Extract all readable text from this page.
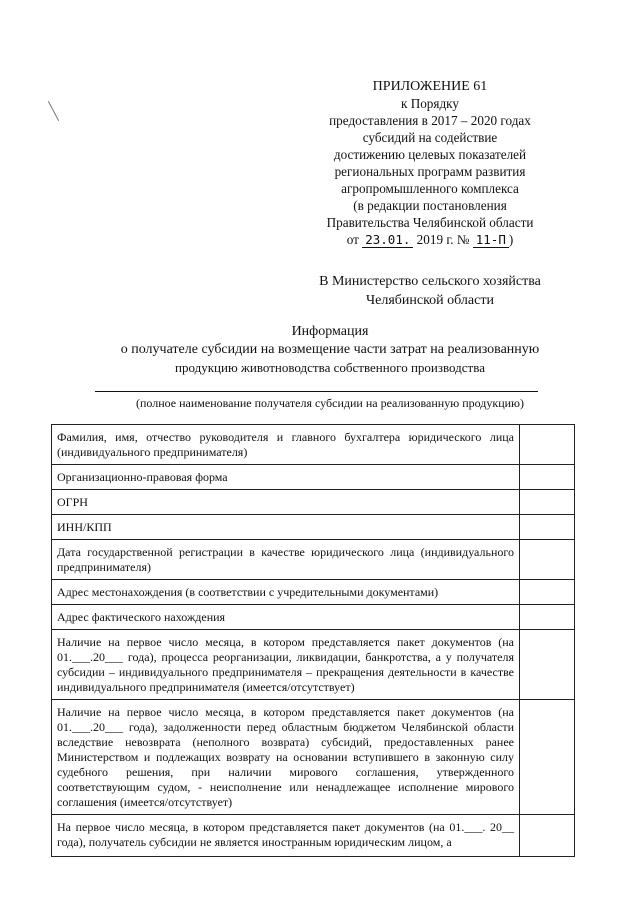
ПРИЛОЖЕНИЕ 61
к Порядку
предоставления в 2017 – 2020 годах
субсидий на содействие
достижению целевых показателей
региональных программ развития
агропромышленного комплекса
(в редакции постановления
Правительства Челябинской области
от 23.01. 2019 г. № 11-П )
В Министерство сельского хозяйства
Челябинской области
Информация
о получателе субсидии на возмещение части затрат на реализованную
продукцию животноводства собственного производства
(полное наименование получателя субсидии на реализованную продукцию)
Фамилия, имя, отчество руководителя и главного бухгалтера юридического лица (индивидуального предпринимателя)	
Организационно-правовая форма	
ОГРН	
ИНН/КПП	
Дата государственной регистрации в качестве юридического лица (индивидуального предпринимателя)	
Адрес местонахождения (в соответствии с учредительными документами)	
Адрес фактического нахождения	
Наличие на первое число месяца, в котором представляется пакет документов (на 01.___.20___ года), процесса реорганизации, ликвидации, банкротства, а у получателя субсидии – индивидуального предпринимателя – прекращения деятельности в качестве индивидуального предпринимателя (имеется/отсутствует)	
Наличие на первое число месяца, в котором представляется пакет документов (на 01.___.20___ года), задолженности перед областным бюджетом Челябинской области вследствие невозврата (неполного возврата) субсидий, предоставленных ранее Министерством и подлежащих возврату на основании вступившего в законную силу судебного решения, при наличии мирового соглашения, утвержденного соответствующим судом, - неисполнение или ненадлежащее исполнение мирового соглашения (имеется/отсутствует)	
На первое число месяца, в котором представляется пакет документов (на 01.___. 20__ года), получатель субсидии не является иностранным юридическим лицом, а	
